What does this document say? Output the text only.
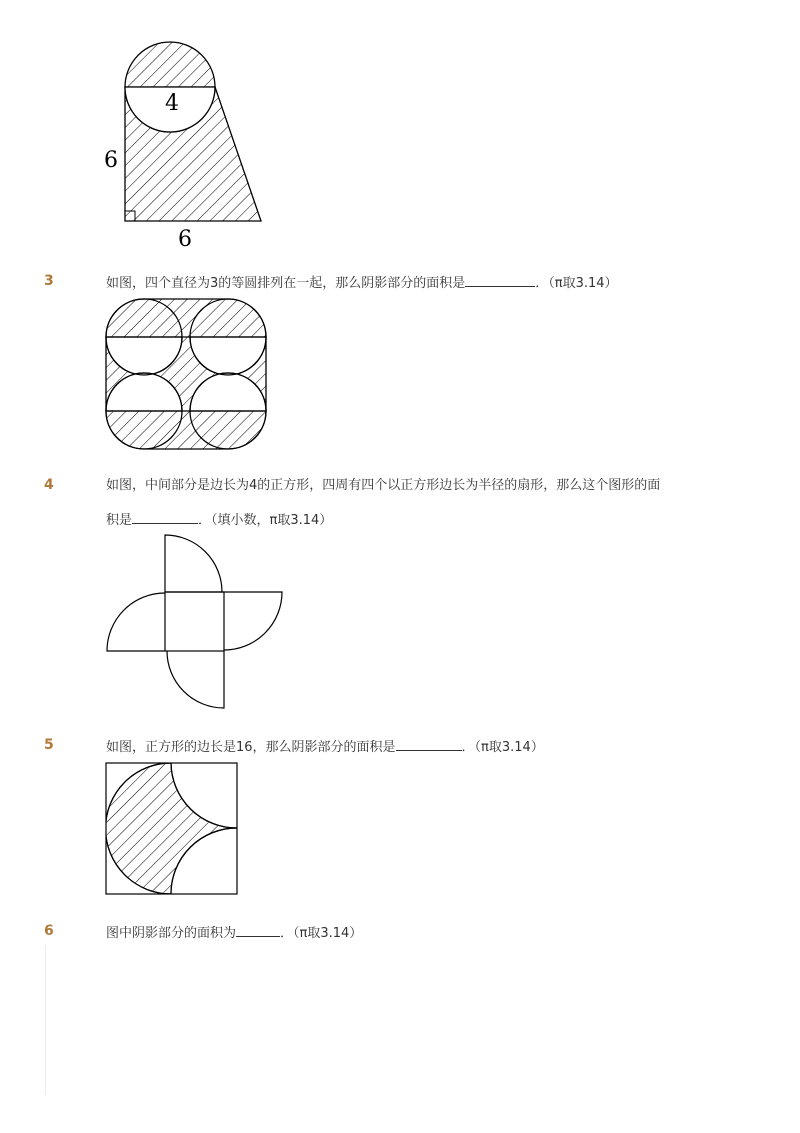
4
6
6
3	如图，四个直径为3的等圆排列在一起，那么阴影部分的面积是	．（π取3.14）
4	如图，中间部分是边长为4的正方形，四周有四个以正方形边长为半径的扇形，那么这个图形的面
积是	．（填小数，π取3.14）
5	如图，正方形的边长是16，那么阴影部分的面积是	．（π取3.14）
6	图中阴影部分的面积为	．（π取3.14）
